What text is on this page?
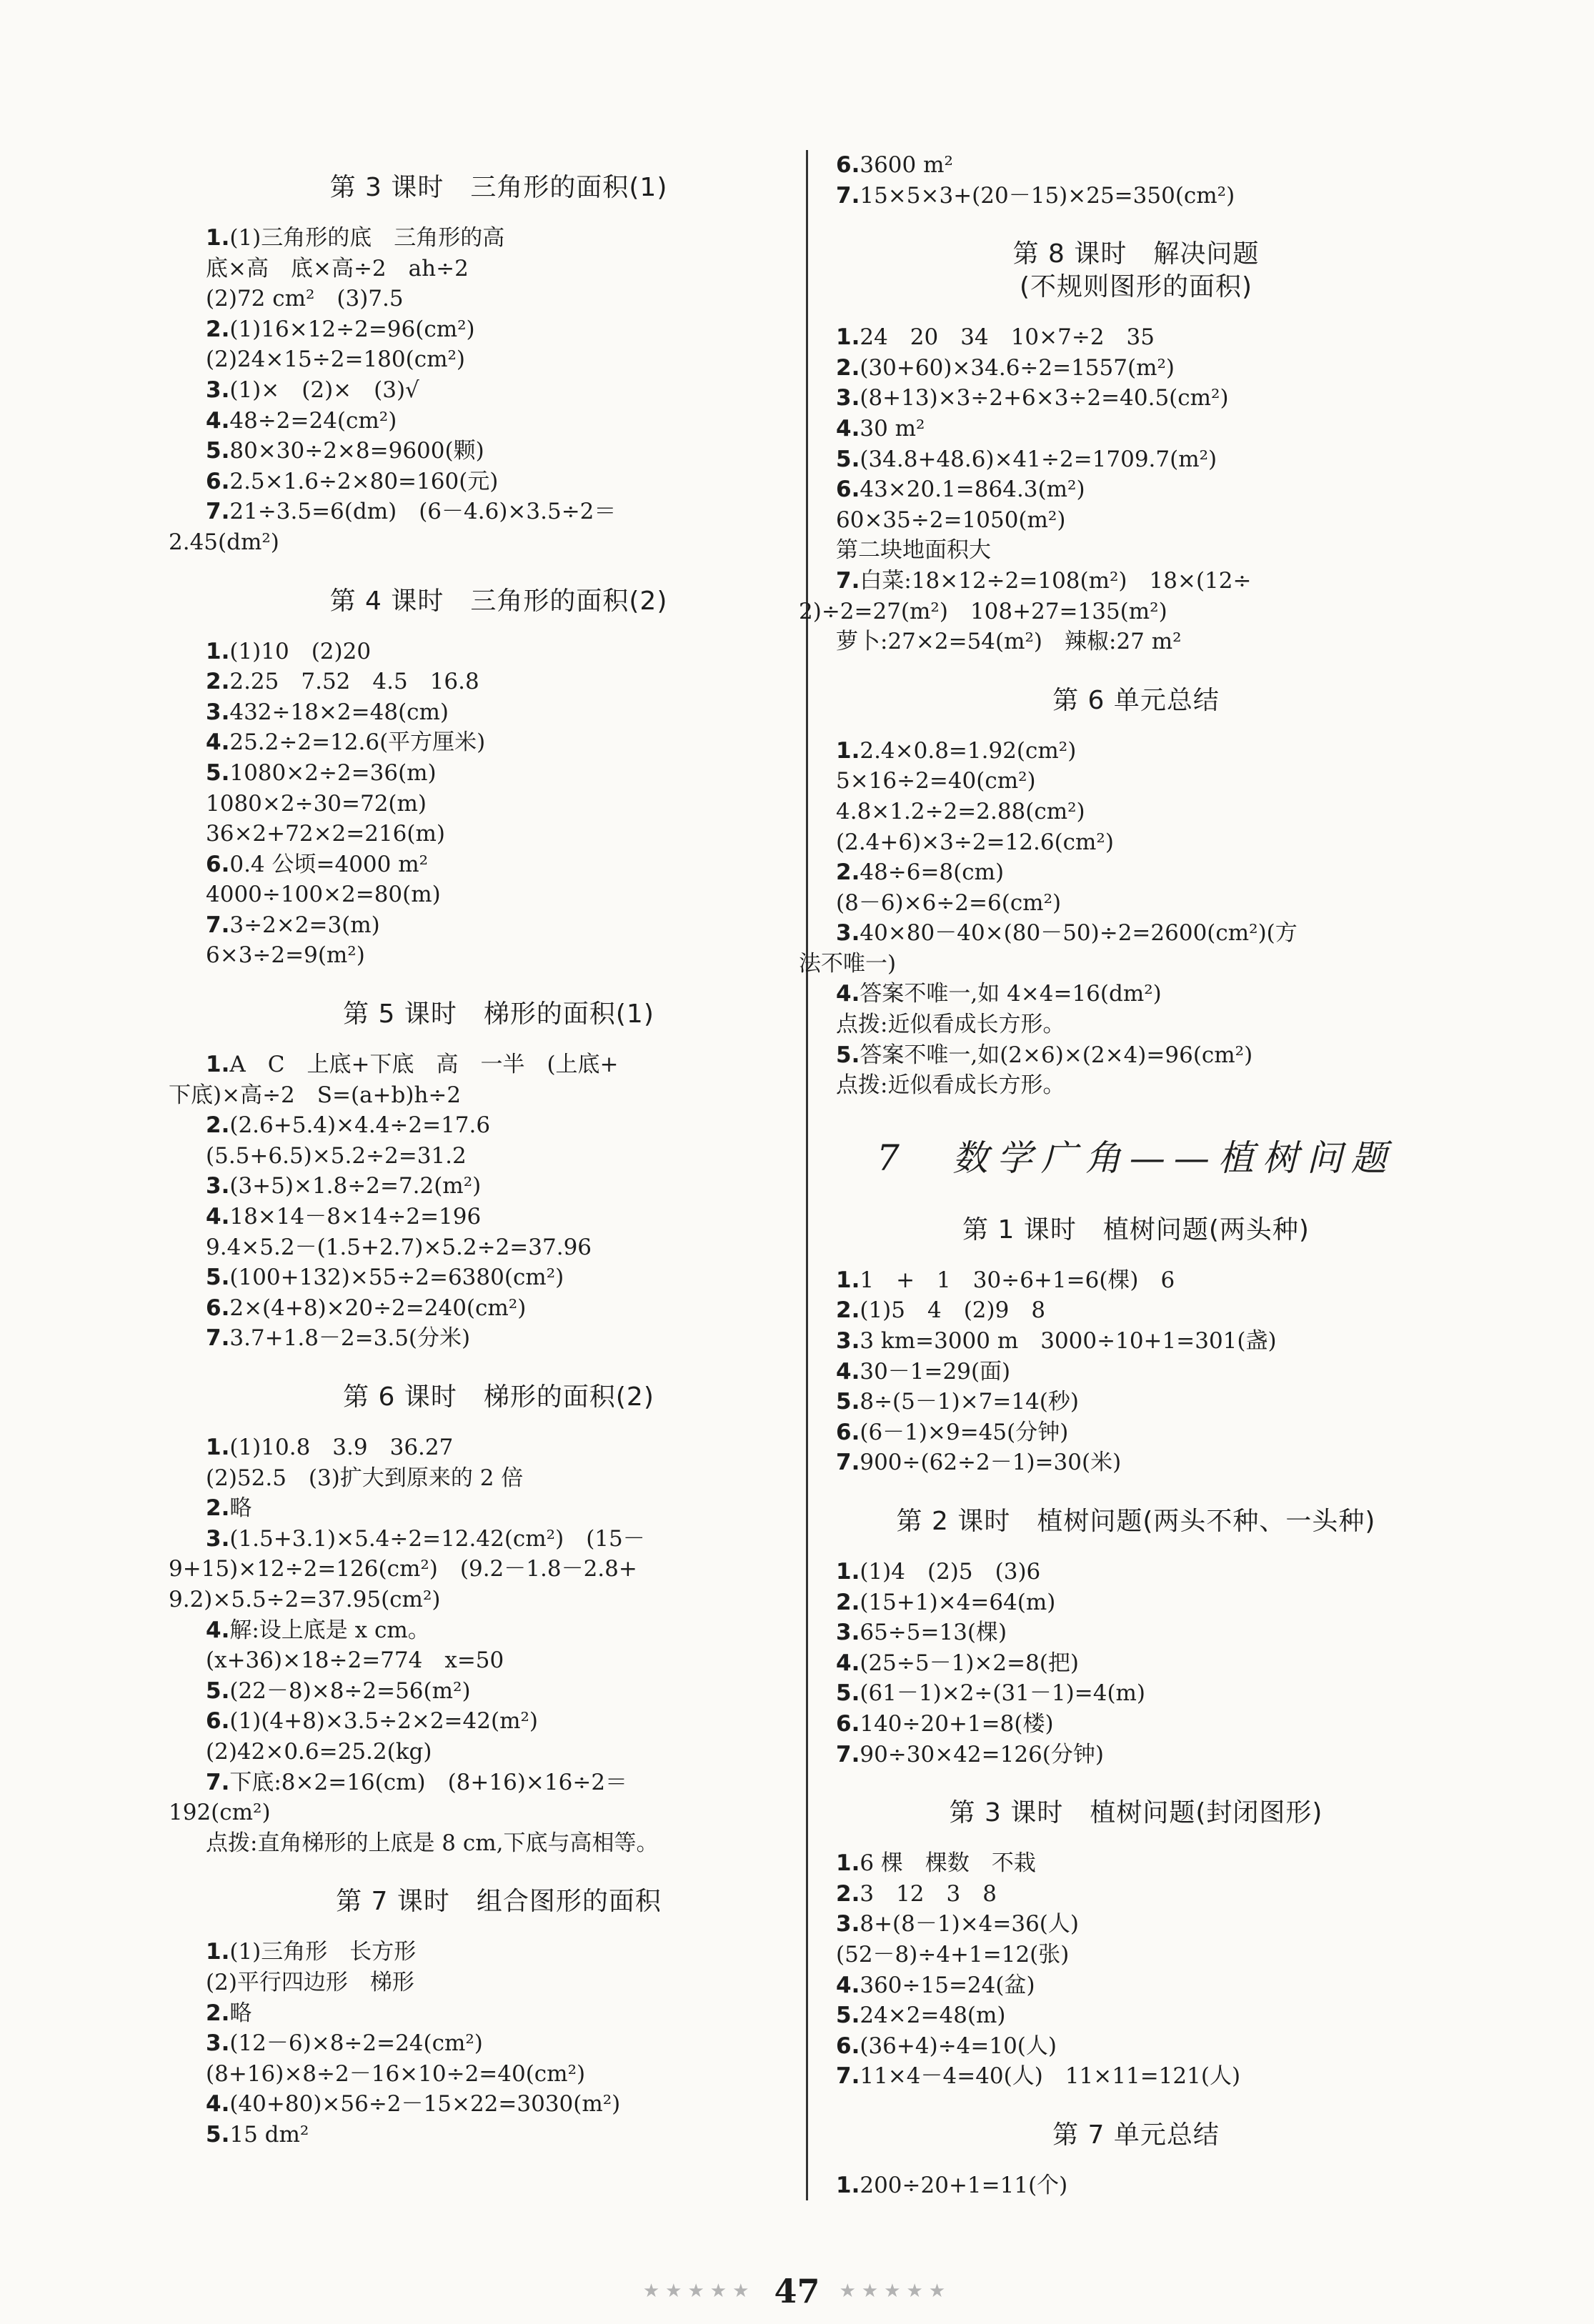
第 3 课时　三角形的面积(1)
1.(1)三角形的底　三角形的高
底×高　底×高÷2　ah÷2
(2)72 cm²　(3)7.5
2.(1)16×12÷2=96(cm²)
(2)24×15÷2=180(cm²)
3.(1)×　(2)×　(3)√
4.48÷2=24(cm²)
5.80×30÷2×8=9600(颗)
6.2.5×1.6÷2×80=160(元)
7.21÷3.5=6(dm)　(6－4.6)×3.5÷2＝
2.45(dm²)
第 4 课时　三角形的面积(2)
1.(1)10　(2)20
2.2.25　7.52　4.5　16.8
3.432÷18×2=48(cm)
4.25.2÷2=12.6(平方厘米)
5.1080×2÷2=36(m)
1080×2÷30=72(m)
36×2+72×2=216(m)
6.0.4 公顷=4000 m²
4000÷100×2=80(m)
7.3÷2×2=3(m)
6×3÷2=9(m²)
第 5 课时　梯形的面积(1)
1.A　C　上底+下底　高　一半　(上底+
下底)×高÷2　S=(a+b)h÷2
2.(2.6+5.4)×4.4÷2=17.6
(5.5+6.5)×5.2÷2=31.2
3.(3+5)×1.8÷2=7.2(m²)
4.18×14－8×14÷2=196
9.4×5.2－(1.5+2.7)×5.2÷2=37.96
5.(100+132)×55÷2=6380(cm²)
6.2×(4+8)×20÷2=240(cm²)
7.3.7+1.8－2=3.5(分米)
第 6 课时　梯形的面积(2)
1.(1)10.8　3.9　36.27
(2)52.5　(3)扩大到原来的 2 倍
2.略
3.(1.5+3.1)×5.4÷2=12.42(cm²)　(15－
9+15)×12÷2=126(cm²)　(9.2－1.8－2.8+
9.2)×5.5÷2=37.95(cm²)
4.解:设上底是 x cm。
(x+36)×18÷2=774　x=50
5.(22－8)×8÷2=56(m²)
6.(1)(4+8)×3.5÷2×2=42(m²)
(2)42×0.6=25.2(kg)
7.下底:8×2=16(cm)　(8+16)×16÷2＝
192(cm²)
点拨:直角梯形的上底是 8 cm,下底与高相等。
第 7 课时　组合图形的面积
1.(1)三角形　长方形
(2)平行四边形　梯形
2.略
3.(12－6)×8÷2=24(cm²)
(8+16)×8÷2－16×10÷2=40(cm²)
4.(40+80)×56÷2－15×22=3030(m²)
5.15 dm²
6.3600 m²
7.15×5×3+(20－15)×25=350(cm²)
第 8 课时　解决问题
(不规则图形的面积)
1.24　20　34　10×7÷2　35
2.(30+60)×34.6÷2=1557(m²)
3.(8+13)×3÷2+6×3÷2=40.5(cm²)
4.30 m²
5.(34.8+48.6)×41÷2=1709.7(m²)
6.43×20.1=864.3(m²)
60×35÷2=1050(m²)
第二块地面积大
7.白菜:18×12÷2=108(m²)　18×(12÷
2)÷2=27(m²)　108+27=135(m²)
萝卜:27×2=54(m²)　辣椒:27 m²
第 6 单元总结
1.2.4×0.8=1.92(cm²)
5×16÷2=40(cm²)
4.8×1.2÷2=2.88(cm²)
(2.4+6)×3÷2=12.6(cm²)
2.48÷6=8(cm)
(8－6)×6÷2=6(cm²)
3.40×80－40×(80－50)÷2=2600(cm²)(方
法不唯一)
4.答案不唯一,如 4×4=16(dm²)
点拨:近似看成长方形。
5.答案不唯一,如(2×6)×(2×4)=96(cm²)
点拨:近似看成长方形。
7　数学广角——植树问题
第 1 课时　植树问题(两头种)
1.1　+　1　30÷6+1=6(棵)　6
2.(1)5　4　(2)9　8
3.3 km=3000 m　3000÷10+1=301(盏)
4.30－1=29(面)
5.8÷(5－1)×7=14(秒)
6.(6－1)×9=45(分钟)
7.900÷(62÷2－1)=30(米)
第 2 课时　植树问题(两头不种、一头种)
1.(1)4　(2)5　(3)6
2.(15+1)×4=64(m)
3.65÷5=13(棵)
4.(25÷5－1)×2=8(把)
5.(61－1)×2÷(31－1)=4(m)
6.140÷20+1=8(楼)
7.90÷30×42=126(分钟)
第 3 课时　植树问题(封闭图形)
1.6 棵　棵数　不栽
2.3　12　3　8
3.8+(8－1)×4=36(人)
(52－8)÷4+1=12(张)
4.360÷15=24(盆)
5.24×2=48(m)
6.(36+4)÷4=10(人)
7.11×4－4=40(人)　11×11=121(人)
第 7 单元总结
1.200÷20+1=11(个)
★★★★★ 47 ★★★★★
